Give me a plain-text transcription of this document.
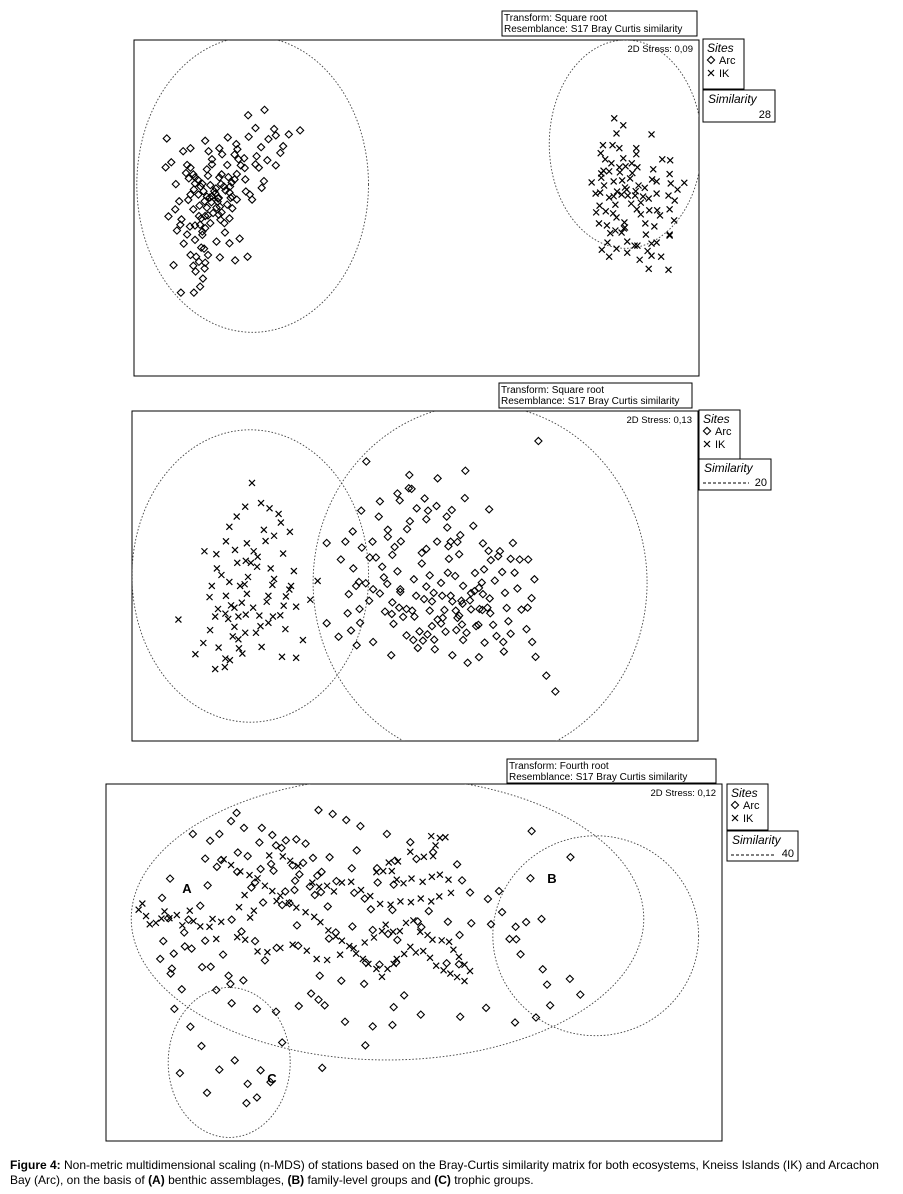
Transform: Square root
Resemblance: S17 Bray Curtis similarity
2D Stress: 0,09 Sites
Arc
IK
Similarity
28
Transform: Square root
Resemblance: S17 Bray Curtis similarity
2D Stress: 0,13 Sites
Arc
IK
Similarity
20
Transform: Fourth root
Resemblance: S17 Bray Curtis similarity
2D Stress: 0,12
A
B
C
Sites
Arc
IK
Similarity
40
Figure 4: Non-metric multidimensional scaling (n-MDS) of stations based on the Bray-Curtis similarity matrix for both ecosystems, Kneiss Islands (IK) and Arcachon Bay (Arc), on the basis of (A) benthic assemblages, (B) family-level groups and (C) trophic groups.
